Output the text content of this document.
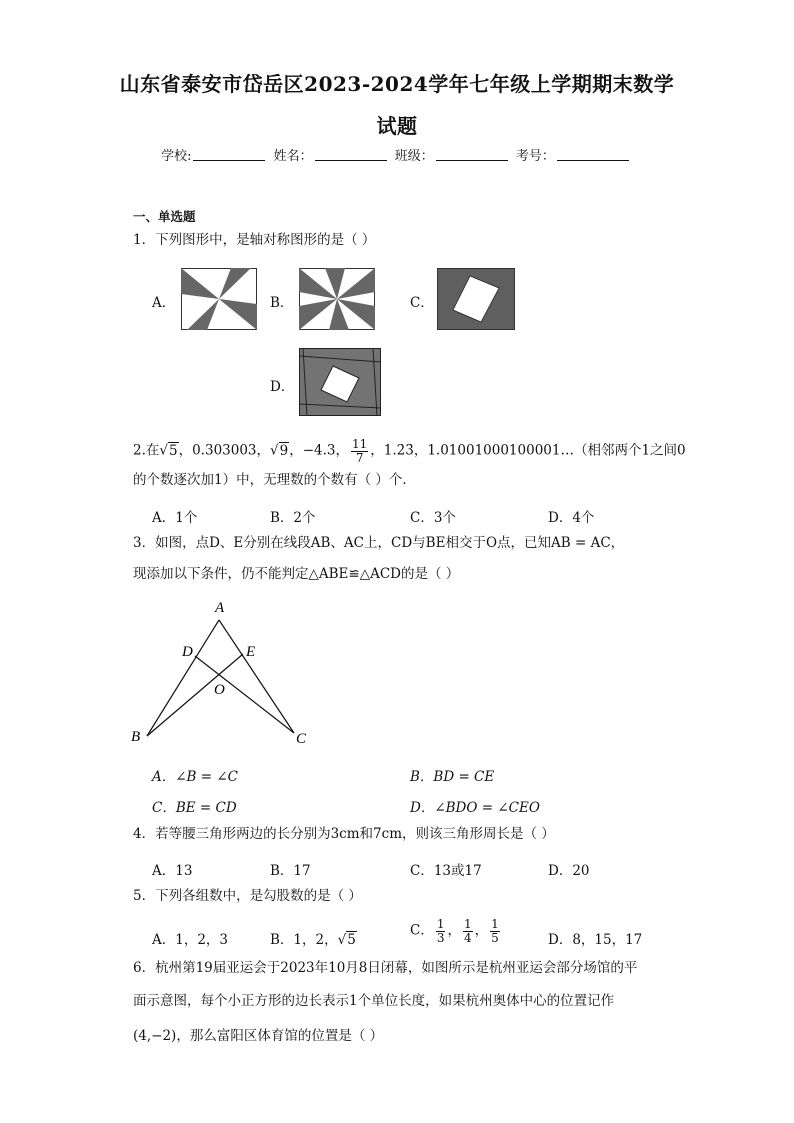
山东省泰安市岱岳区2023-2024学年七年级上学期期末数学
试题
学校:	姓名：	班级：	考号：
一、单选题
1．下列图形中，是轴对称图形的是（ ）
A．	B．	C．
D．
2.在√5，0.303003，√9，−4.3， $\frac{11}{7}$ ，1.2̇3̇，1.01001000100001…（相邻两个1之间0
的个数逐次加1）中，无理数的个数有（ ）个．
A．1个	B．2个	C．3个	D．4个
3．如图，点D、E分别在线段AB、AC上，CD与BE相交于O点，已知AB = AC，
现添加以下条件，仍不能判定△ABE≌△ACD的是（ ）
A
B	C
D	E
O
A．∠B = ∠C	B．BD = CE
C．BE = CD	D．∠BDO = ∠CEO
4．若等腰三角形两边的长分别为3cm和7cm，则该三角形周长是（ ）
A．13	B．17	C．13或17	D．20
5．下列各组数中，是勾股数的是（ ）
A．1，2，3	B．1，2，√5
C． $\frac{1}{3}$ ， $\frac{1}{4}$ ， $\frac{1}{5}$	D．8，15，17
6．杭州第19届亚运会于2023年10月8日闭幕，如图所示是杭州亚运会部分场馆的平
面示意图，每个小正方形的边长表示1个单位长度，如果杭州奥体中心的位置记作
(4,−2)，那么富阳区体育馆的位置是（ ）
